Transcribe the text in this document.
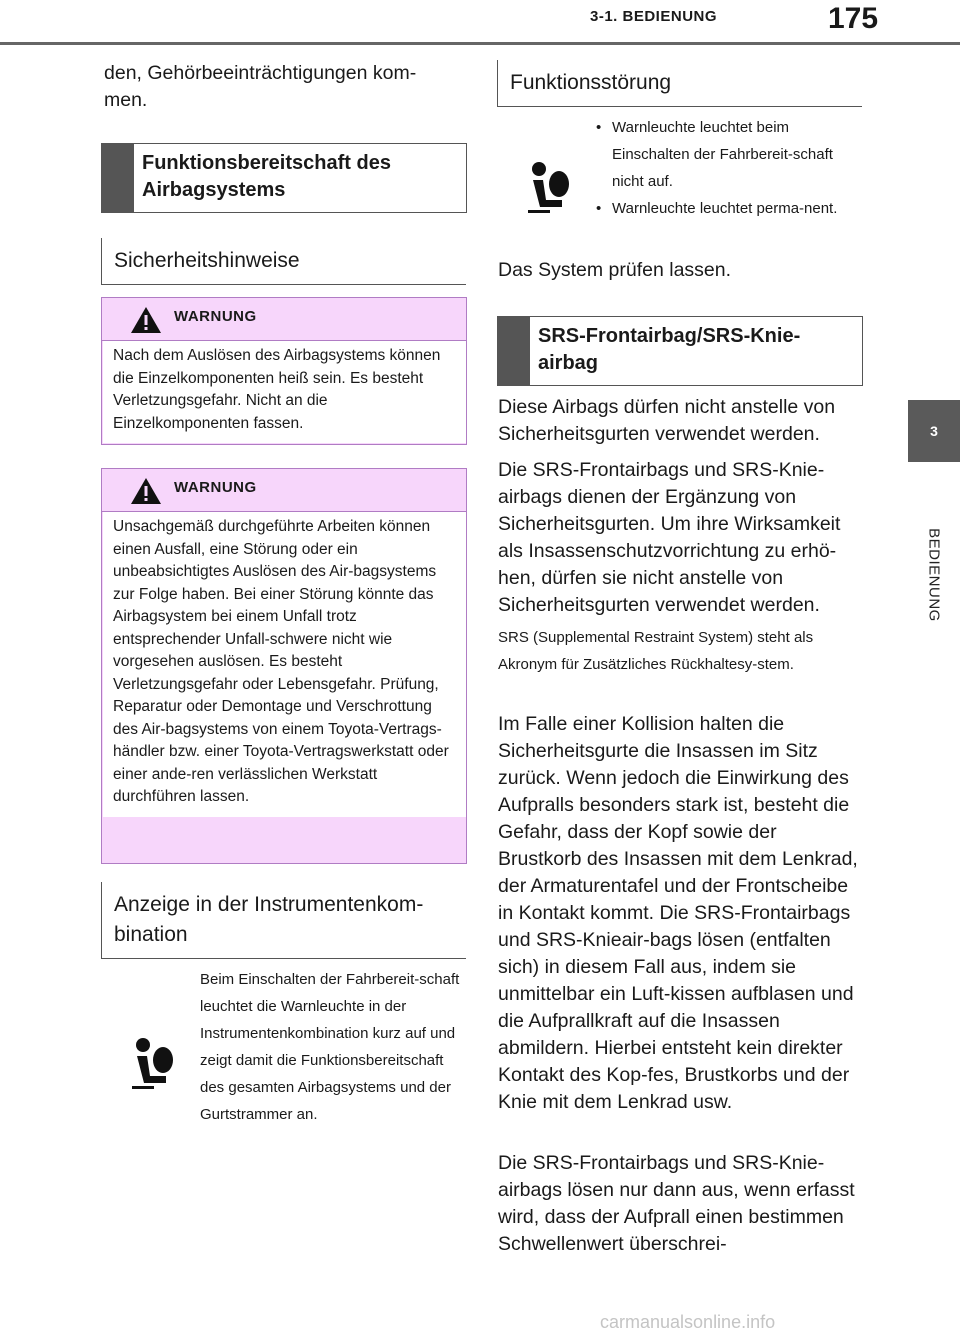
3-1. BEDIENUNG	175
3
BEDIENUNG

den, Gehörbeeinträchtigungen kom-men.

Funktionsbereitschaft des Airbagsystems
Sicherheitshinweise
WARNUNG
Nach dem Auslösen des Airbagsystems können die Einzelkomponenten heiß sein. Es besteht Verletzungsgefahr. Nicht an die Einzelkomponenten fassen.
WARNUNG
Unsachgemäß durchgeführte Arbeiten können einen Ausfall, eine Störung oder ein unbeabsichtigtes Auslösen des Air-bagsystems zur Folge haben. Bei einer Störung könnte das Airbagsystem bei einem Unfall trotz entsprechender Unfall-schwere nicht wie vorgesehen auslösen. Es besteht Verletzungsgefahr oder Lebensgefahr. Prüfung, Reparatur oder Demontage und Verschrottung des Air-bagsystems von einem Toyota-Vertrags-händler bzw. einer Toyota-Vertragswerkstatt oder einer ande-ren verlässlichen Werkstatt durchführen lassen.
Anzeige in der Instrumentenkom-bination

Beim Einschalten der Fahrbereit-schaft leuchtet die Warnleuchte in der Instrumentenkombination kurz auf und zeigt damit die Funktionsbereitschaft des gesamten Airbagsystems und der Gurtstrammer an.

Funktionsstörung
• Warnleuchte leuchtet beim Einschalten der Fahrbereit-schaft nicht auf.
• Warnleuchte leuchtet perma-nent.

Das System prüfen lassen.

SRS-Frontairbag/SRS-Knie-airbag

Diese Airbags dürfen nicht anstelle von Sicherheitsgurten verwendet werden.

Die SRS-Frontairbags und SRS-Knie-airbags dienen der Ergänzung von Sicherheitsgurten. Um ihre Wirksamkeit als Insassenschutzvorrichtung zu erhö-hen, dürfen sie nicht anstelle von Sicherheitsgurten verwendet werden.

SRS (Supplemental Restraint System) steht als Akronym für Zusätzliches Rückhaltesy-stem.

Im Falle einer Kollision halten die Sicherheitsgurte die Insassen im Sitz zurück. Wenn jedoch die Einwirkung des Aufpralls besonders stark ist, besteht die Gefahr, dass der Kopf sowie der Brustkorb des Insassen mit dem Lenkrad, der Armaturentafel und der Frontscheibe in Kontakt kommt. Die SRS-Frontairbags und SRS-Knieair-bags lösen (entfalten sich) in diesem Fall aus, indem sie unmittelbar ein Luft-kissen aufblasen und die Aufprallkraft auf die Insassen abmildern. Hierbei entsteht kein direkter Kontakt des Kop-fes, Brustkorbs und der Knie mit dem Lenkrad usw.

Die SRS-Frontairbags und SRS-Knie-airbags lösen nur dann aus, wenn erfasst wird, dass der Aufprall einen bestimmen Schwellenwert überschrei-

carmanualsonline.info
